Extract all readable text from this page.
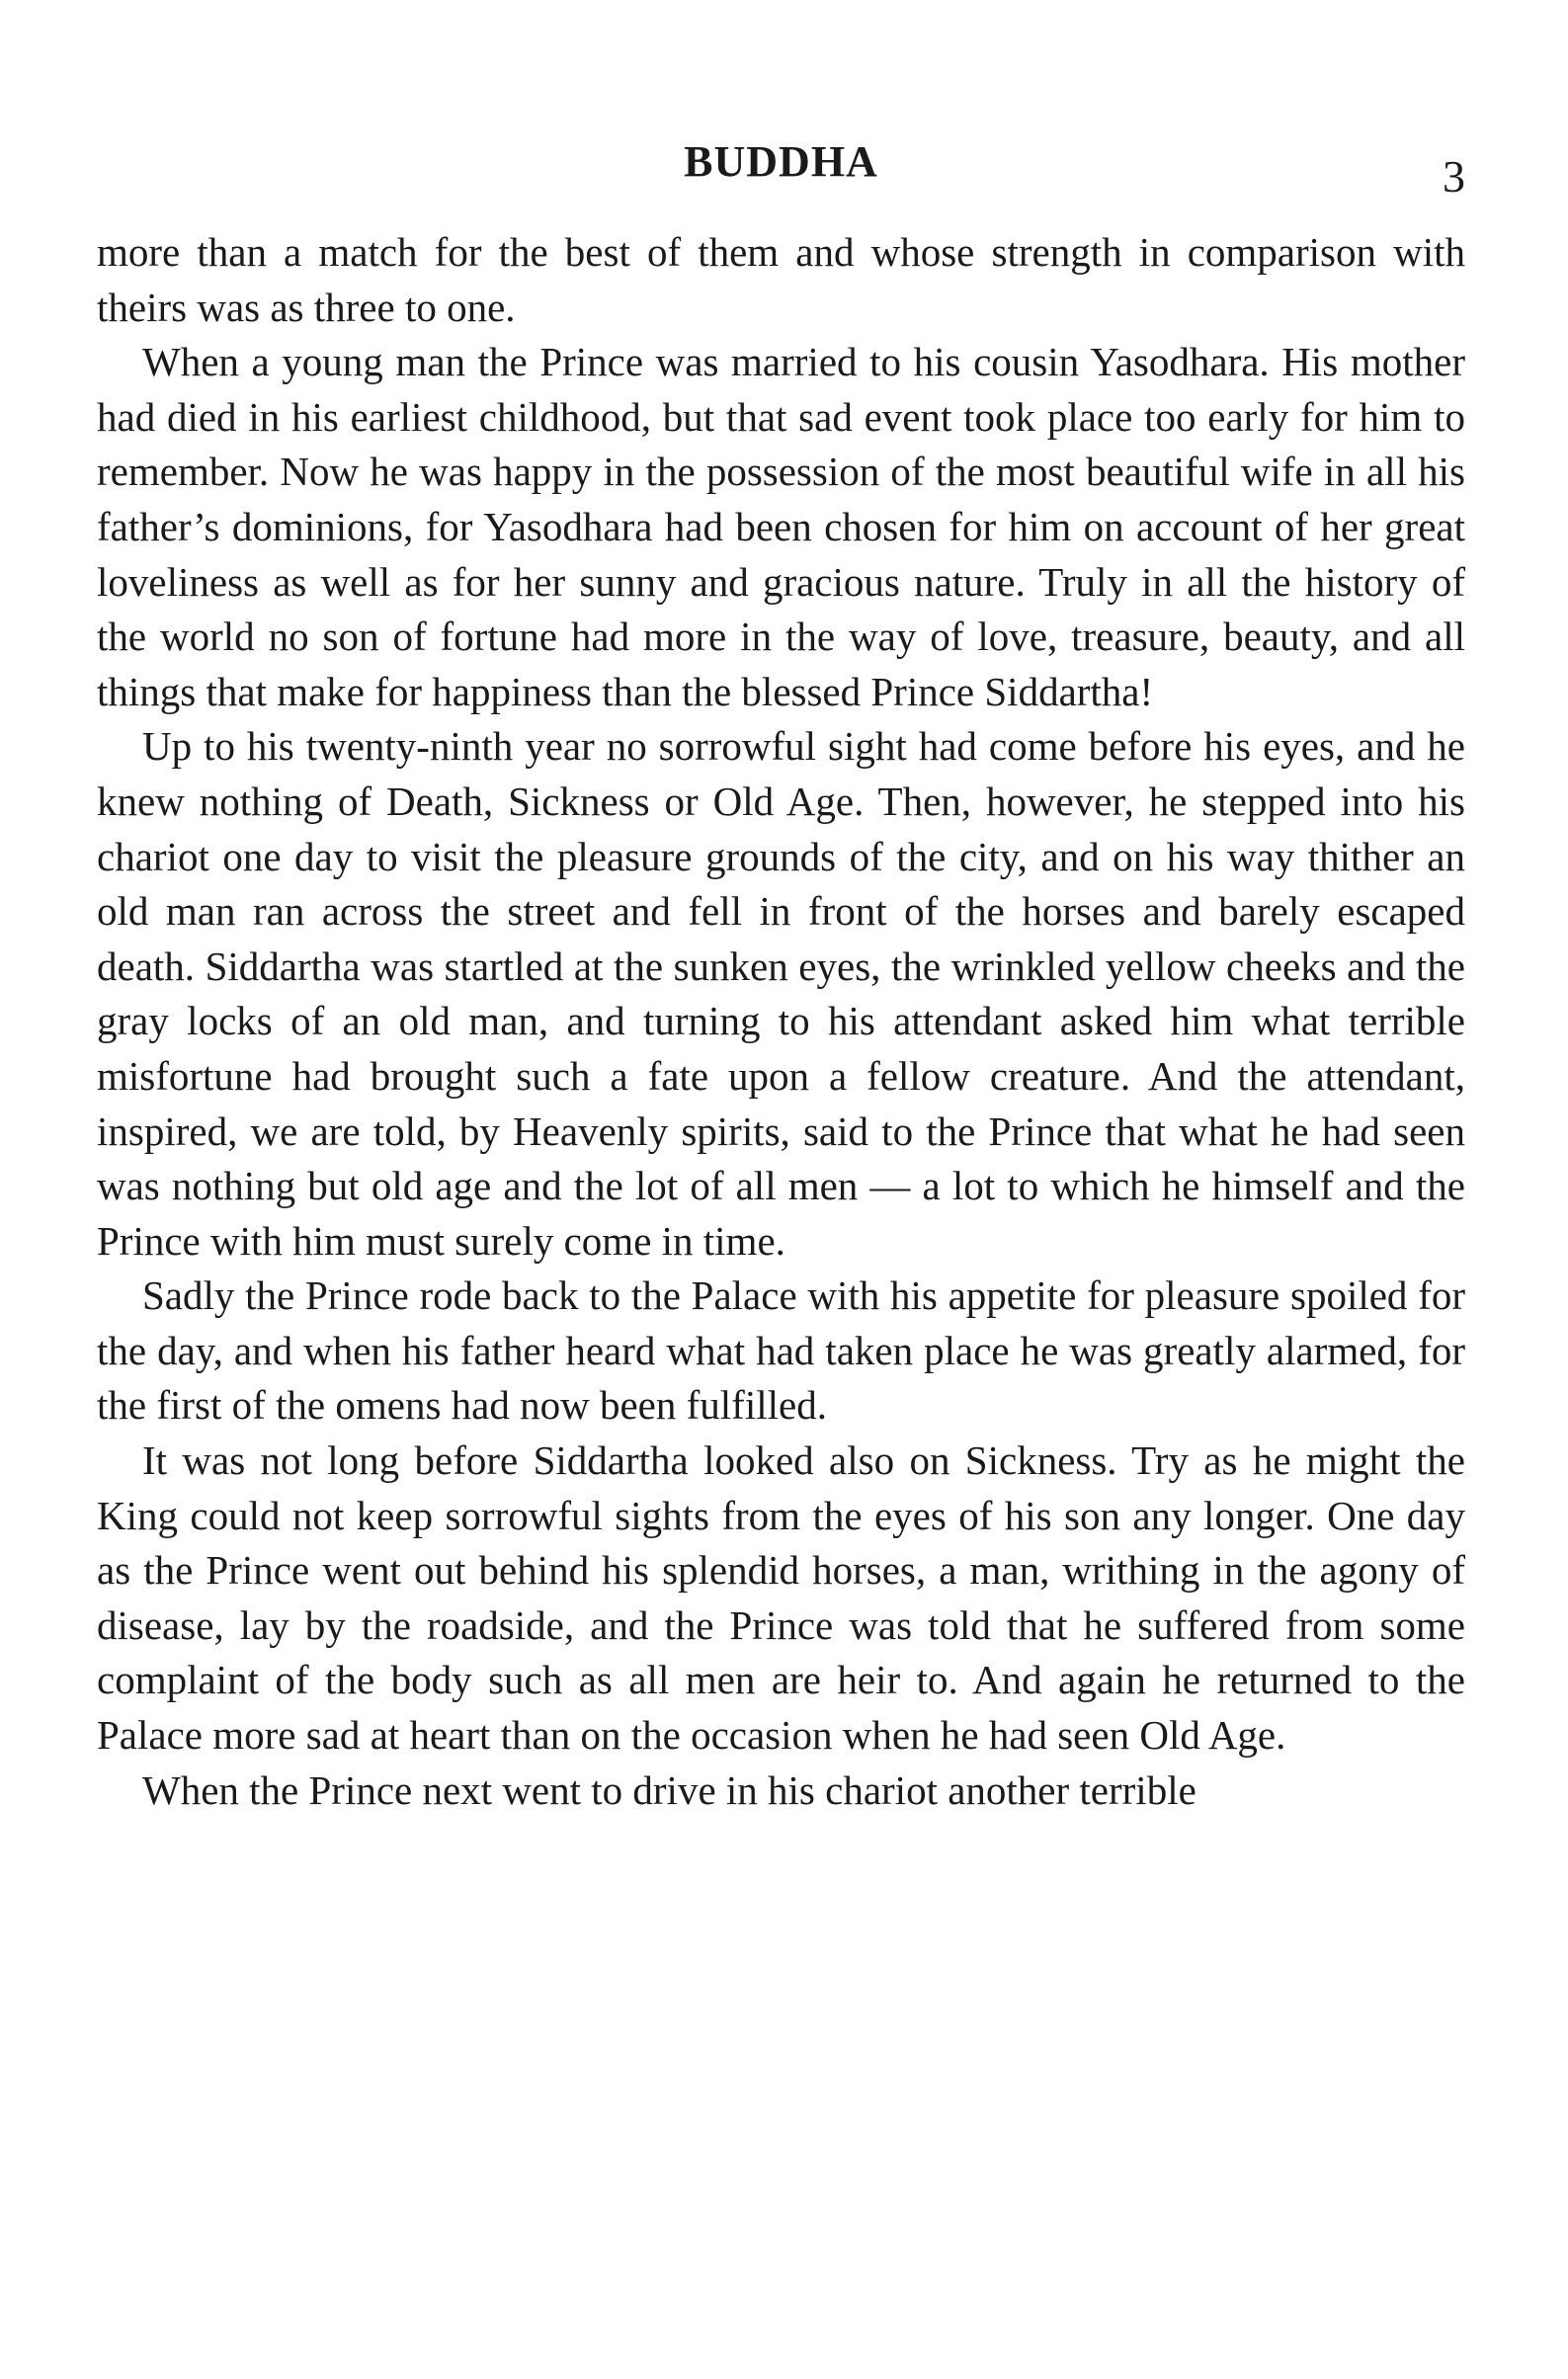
BUDDHA	3

more than a match for the best of them and whose strength in comparison with theirs was as three to one.

When a young man the Prince was married to his cousin Yasodhara. His mother had died in his earliest childhood, but that sad event took place too early for him to remember. Now he was happy in the possession of the most beautiful wife in all his father’s dominions, for Yasodhara had been chosen for him on account of her great loveliness as well as for her sunny and gracious nature. Truly in all the history of the world no son of fortune had more in the way of love, treasure, beauty, and all things that make for happiness than the blessed Prince Siddartha!

Up to his twenty-ninth year no sorrowful sight had come before his eyes, and he knew nothing of Death, Sickness or Old Age. Then, however, he stepped into his chariot one day to visit the pleasure grounds of the city, and on his way thither an old man ran across the street and fell in front of the horses and barely escaped death. Siddartha was startled at the sunken eyes, the wrinkled yellow cheeks and the gray locks of an old man, and turning to his attendant asked him what terrible misfortune had brought such a fate upon a fellow creature. And the attendant, inspired, we are told, by Heavenly spirits, said to the Prince that what he had seen was nothing but old age and the lot of all men — a lot to which he himself and the Prince with him must surely come in time.

Sadly the Prince rode back to the Palace with his appetite for pleasure spoiled for the day, and when his father heard what had taken place he was greatly alarmed, for the first of the omens had now been fulfilled.

It was not long before Siddartha looked also on Sickness. Try as he might the King could not keep sorrowful sights from the eyes of his son any longer. One day as the Prince went out behind his splendid horses, a man, writhing in the agony of disease, lay by the roadside, and the Prince was told that he suffered from some complaint of the body such as all men are heir to. And again he returned to the Palace more sad at heart than on the occasion when he had seen Old Age.

When the Prince next went to drive in his chariot another terrible
